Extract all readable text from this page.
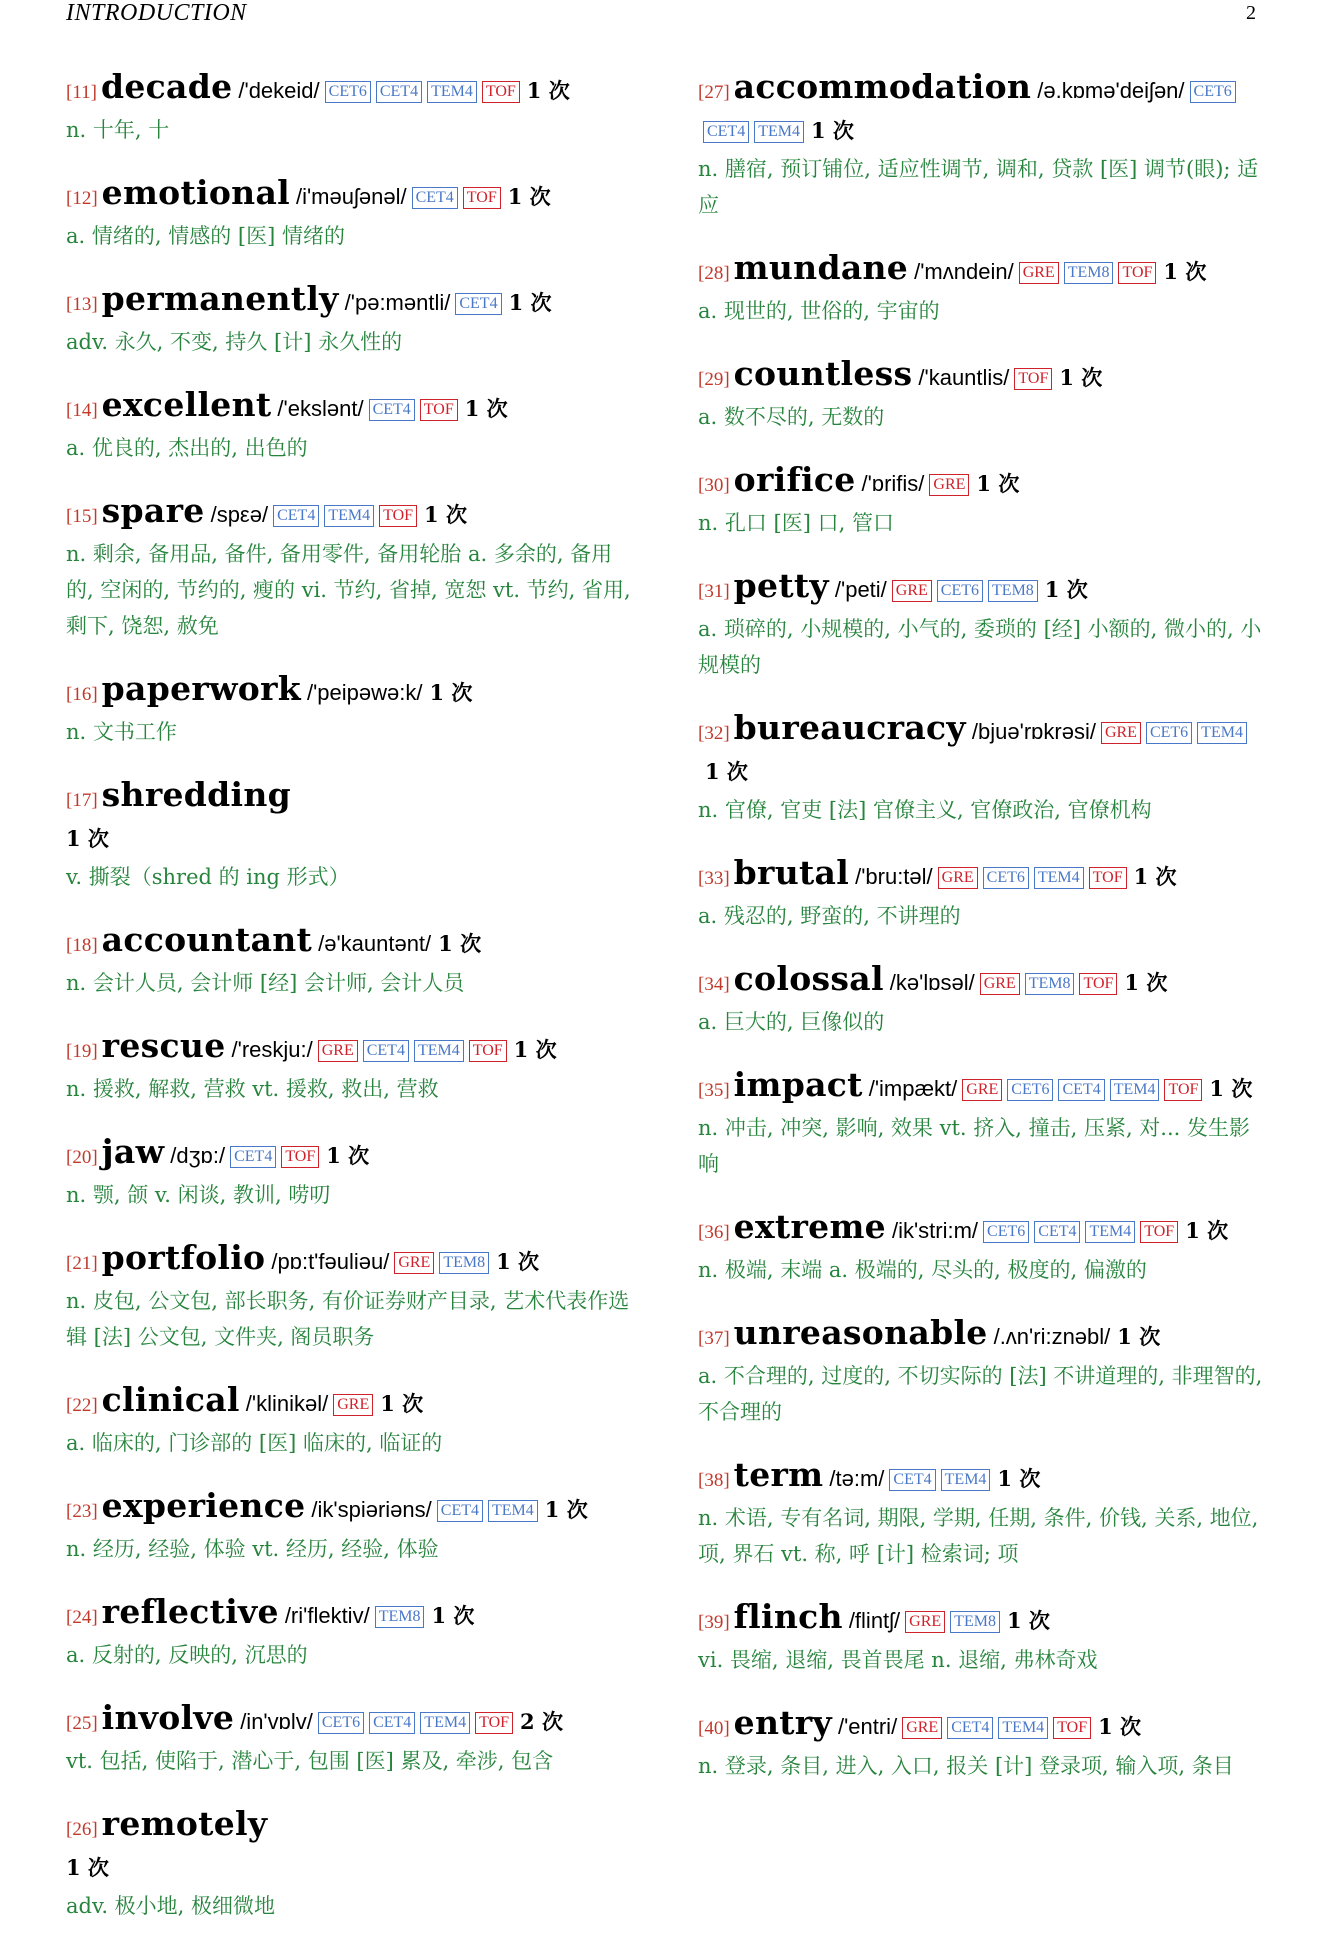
INTRODUCTION	2
[11] decade /'dekeid/ CET6 CET4 TEM4 TOF 1 次
n. 十年, 十
[12] emotional /i'məuʃənəl/ CET4 TOF 1 次
a. 情绪的, 情感的 [医] 情绪的
[13] permanently /'pə:məntli/ CET4 1 次
adv. 永久, 不变, 持久 [计] 永久性的
[14] excellent /'ekslənt/ CET4 TOF 1 次
a. 优良的, 杰出的, 出色的
[15] spare /spεə/ CET4 TEM4 TOF 1 次
n. 剩余, 备用品, 备件, 备用零件, 备用轮胎 a. 多余的, 备用的, 空闲的, 节约的, 瘦的 vi. 节约, 省掉, 宽恕 vt. 节约, 省用, 剩下, 饶恕, 赦免
[16] paperwork /'peipəwə:k/ 1 次
n. 文书工作
[17] shredding
1 次
v. 撕裂（shred 的 ing 形式）
[18] accountant /ə'kauntənt/ 1 次
n. 会计人员, 会计师 [经] 会计师, 会计人员
[19] rescue /'reskju:/ GRE CET4 TEM4 TOF 1 次
n. 援救, 解救, 营救 vt. 援救, 救出, 营救
[20] jaw /dʒɒ:/ CET4 TOF 1 次
n. 颚, 颌 v. 闲谈, 教训, 唠叨
[21] portfolio /pɒ:t'fəuliəu/ GRE TEM8 1 次
n. 皮包, 公文包, 部长职务, 有价证券财产目录, 艺术代表作选辑 [法] 公文包, 文件夹, 阁员职务
[22] clinical /'klinikəl/ GRE 1 次
a. 临床的, 门诊部的 [医] 临床的, 临证的
[23] experience /ik'spiəriəns/ CET4 TEM4 1 次
n. 经历, 经验, 体验 vt. 经历, 经验, 体验
[24] reflective /ri'flektiv/ TEM8 1 次
a. 反射的, 反映的, 沉思的
[25] involve /in'vɒlv/ CET6 CET4 TEM4 TOF 2 次
vt. 包括, 使陷于, 潜心于, 包围 [医] 累及, 牵涉, 包含
[26] remotely
1 次
adv. 极小地, 极细微地
[27] accommodation /ə.kɒmə'deiʃən/ CET6CET4 TEM4 1 次
n. 膳宿, 预订铺位, 适应性调节, 调和, 贷款 [医] 调节(眼); 适应
[28] mundane /'mʌndein/ GRE TEM8 TOF 1 次
a. 现世的, 世俗的, 宇宙的
[29] countless /'kauntlis/ TOF 1 次
a. 数不尽的, 无数的
[30] orifice /'ɒrifis/ GRE 1 次
n. 孔口 [医] 口, 管口
[31] petty /'peti/ GRE CET6 TEM8 1 次
a. 琐碎的, 小规模的, 小气的, 委琐的 [经] 小额的, 微小的, 小规模的
[32] bureaucracy /bjuə'rɒkrəsi/ GRE CET6 TEM41 次
n. 官僚, 官吏 [法] 官僚主义, 官僚政治, 官僚机构
[33] brutal /'bru:təl/ GRE CET6 TEM4 TOF 1 次
a. 残忍的, 野蛮的, 不讲理的
[34] colossal /kə'lɒsəl/ GRE TEM8 TOF 1 次
a. 巨大的, 巨像似的
[35] impact /'impækt/ GRE CET6 CET4 TEM4 TOF 1 次
n. 冲击, 冲突, 影响, 效果 vt. 挤入, 撞击, 压紧, 对... 发生影响
[36] extreme /ik'stri:m/ CET6 CET4 TEM4 TOF 1 次
n. 极端, 末端 a. 极端的, 尽头的, 极度的, 偏激的
[37] unreasonable /.ʌn'ri:znəbl/ 1 次
a. 不合理的, 过度的, 不切实际的 [法] 不讲道理的, 非理智的, 不合理的
[38] term /tə:m/ CET4 TEM4 1 次
n. 术语, 专有名词, 期限, 学期, 任期, 条件, 价钱, 关系, 地位, 项, 界石 vt. 称, 呼 [计] 检索词; 项
[39] flinch /flintʃ/ GRE TEM8 1 次
vi. 畏缩, 退缩, 畏首畏尾 n. 退缩, 弗林奇戏
[40] entry /'entri/ GRE CET4 TEM4 TOF 1 次
n. 登录, 条目, 进入, 入口, 报关 [计] 登录项, 输入项, 条目
